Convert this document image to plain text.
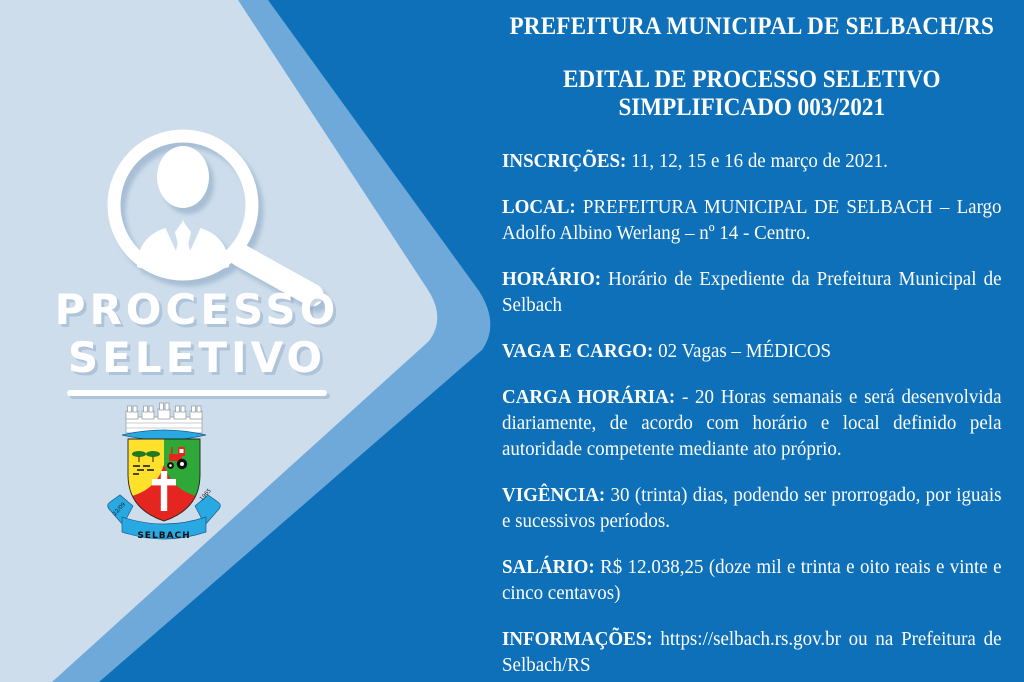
PROCESSO
SELETIVO
22/09
1965
SELBACH
PREFEITURA MUNICIPAL DE SELBACH/RS
EDITAL DE PROCESSO SELETIVO
SIMPLIFICADO 003/2021

INSCRIÇÕES: 11, 12, 15 e 16 de março de 2021.

LOCAL: PREFEITURA MUNICIPAL DE SELBACH – Largo Adolfo Albino Werlang – nº 14 - Centro.

HORÁRIO: Horário de Expediente da Prefeitura Municipal de Selbach

VAGA E CARGO: 02 Vagas – MÉDICOS

CARGA HORÁRIA: - 20 Horas semanais e será desenvolvida diariamente, de acordo com horário e local definido pela autoridade competente mediante ato próprio.

VIGÊNCIA: 30 (trinta) dias, podendo ser prorrogado, por iguais e sucessivos períodos.

SALÁRIO: R$ 12.038,25 (doze mil e trinta e oito reais e vinte e cinco centavos)

INFORMAÇÕES: https://selbach.rs.gov.br ou na Prefeitura de Selbach/RS
